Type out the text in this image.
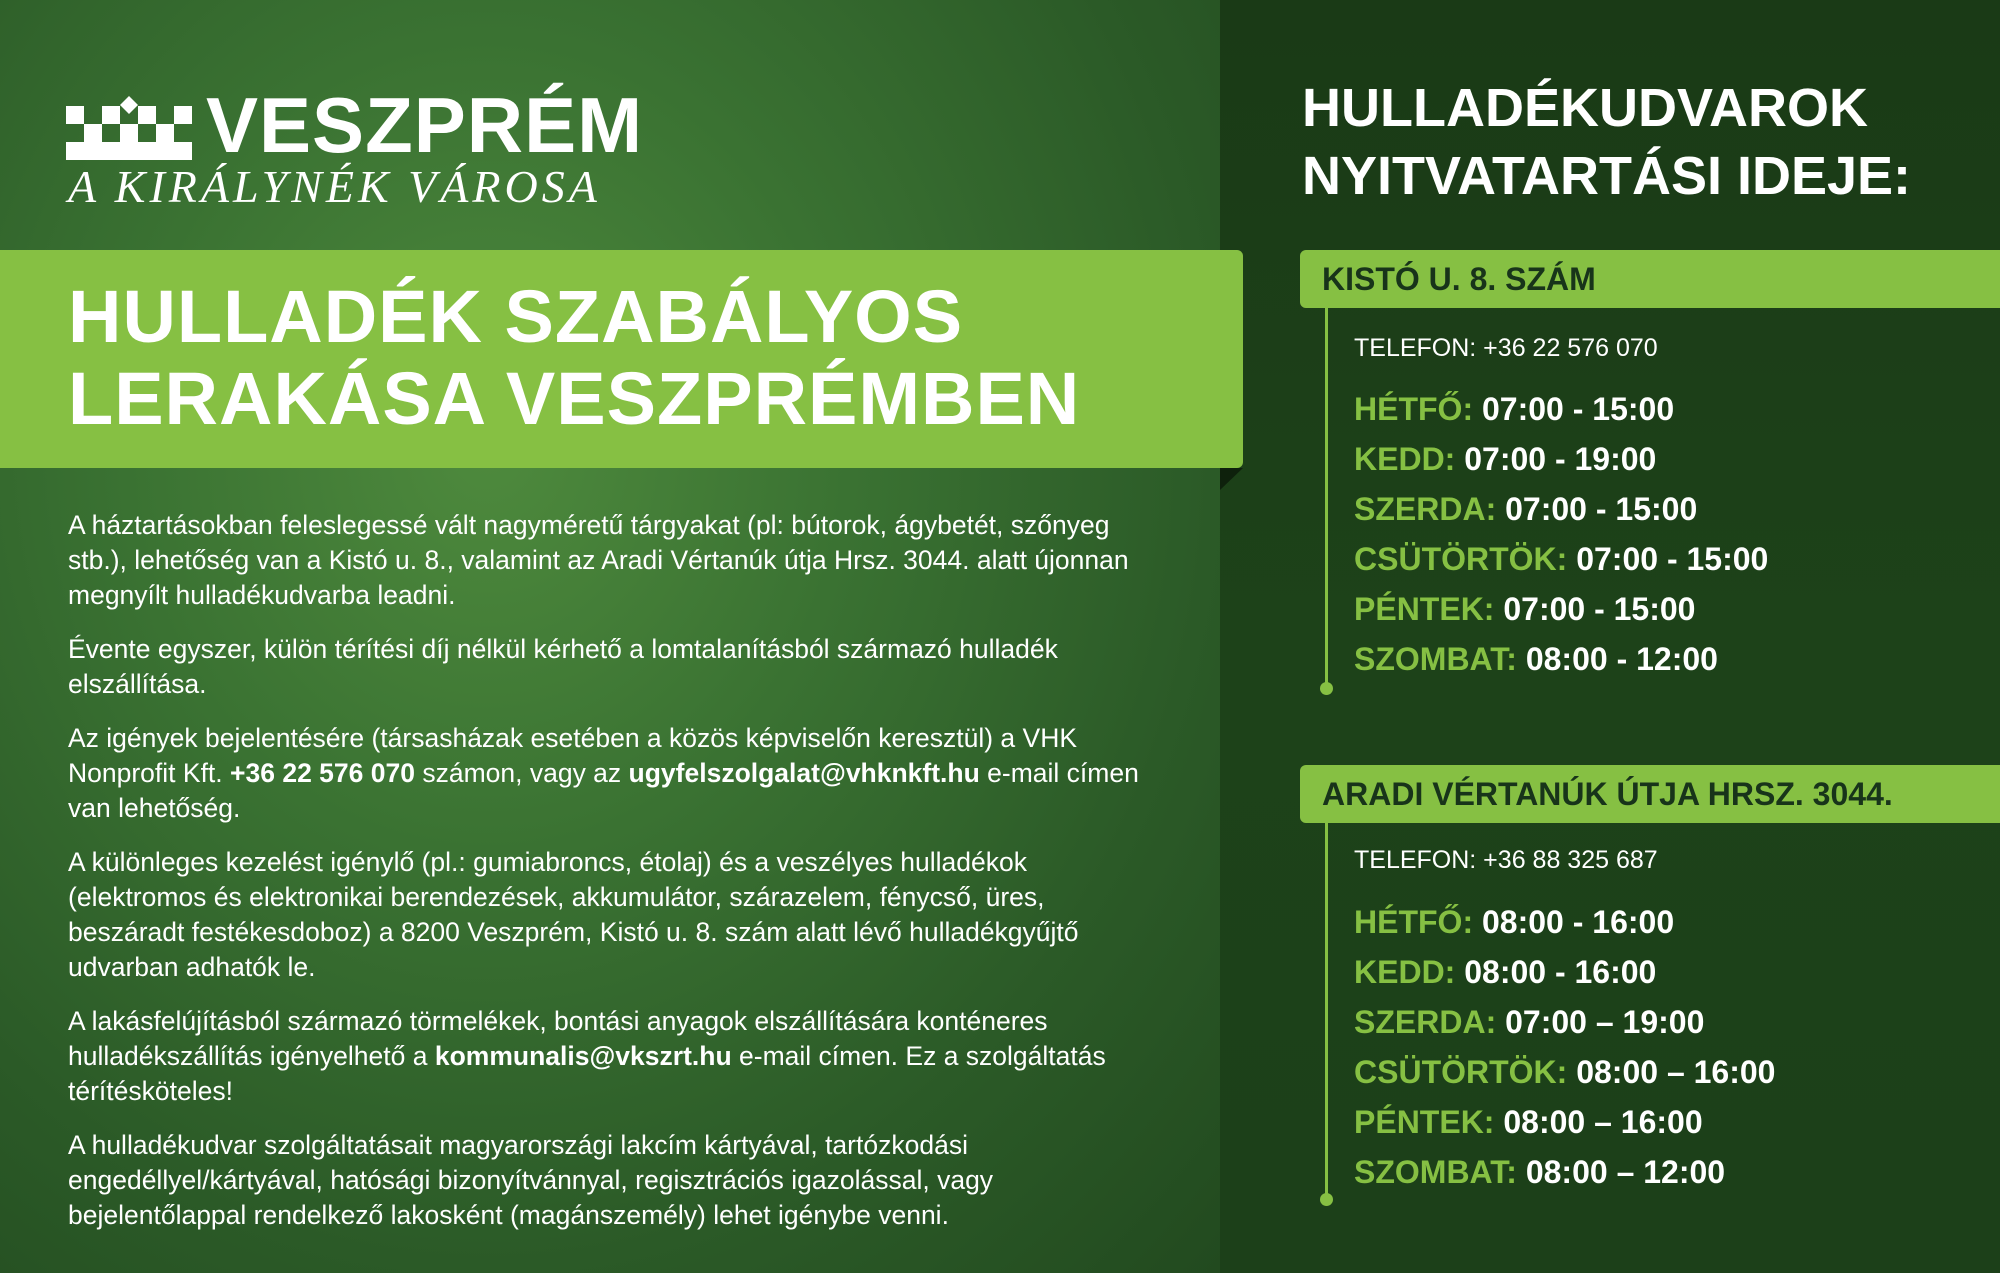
VESZPRÉM
A KIRÁLYNÉK VÁROSA
HULLADÉK SZABÁLYOS
LERAKÁSA VESZPRÉMBEN

A háztartásokban feleslegessé vált nagyméretű tárgyakat (pl: bútorok, ágybetét, szőnyeg stb.), lehetőség van a Kistó u. 8., valamint az Aradi Vértanúk útja Hrsz. 3044. alatt újonnan megnyílt hulladékudvarba leadni.

Évente egyszer, külön térítési díj nélkül kérhető a lomtalanításból származó hulladék elszállítása.

Az igények bejelentésére (társasházak esetében a közös képviselőn keresztül) a VHK Nonprofit Kft. +36 22 576 070 számon, vagy az ugyfelszolgalat@vhknkft.hu e-mail címen van lehetőség.

A különleges kezelést igénylő (pl.: gumiabroncs, étolaj) és a veszélyes hulladékok (elektromos és elektronikai berendezések, akkumulátor, szárazelem, fénycső, üres, beszáradt festékesdoboz) a 8200 Veszprém, Kistó u. 8. szám alatt lévő hulladékgyűjtő udvarban adhatók le.

A lakásfelújításból származó törmelékek, bontási anyagok elszállítására konténeres hulladékszállítás igényelhető a kommunalis@vkszrt.hu e-mail címen. Ez a szolgáltatás térítésköteles!

A hulladékudvar szolgáltatásait magyarországi lakcím kártyával, tartózkodási engedéllyel/kártyával, hatósági bizonyítvánnyal, regisztrációs igazolással, vagy bejelentőlappal rendelkező lakosként (magánszemély) lehet igénybe venni.

HULLADÉKUDVAROK
NYITVATARTÁSI IDEJE:
KISTÓ U. 8. SZÁM
TELEFON: +36 22 576 070
HÉTFŐ: 07:00 - 15:00
KEDD: 07:00 - 19:00
SZERDA: 07:00 - 15:00
CSÜTÖRTÖK: 07:00 - 15:00
PÉNTEK: 07:00 - 15:00
SZOMBAT: 08:00 - 12:00
ARADI VÉRTANÚK ÚTJA HRSZ. 3044.
TELEFON: +36 88 325 687
HÉTFŐ: 08:00 - 16:00
KEDD: 08:00 - 16:00
SZERDA: 07:00 – 19:00
CSÜTÖRTÖK: 08:00 – 16:00
PÉNTEK: 08:00 – 16:00
SZOMBAT: 08:00 – 12:00
